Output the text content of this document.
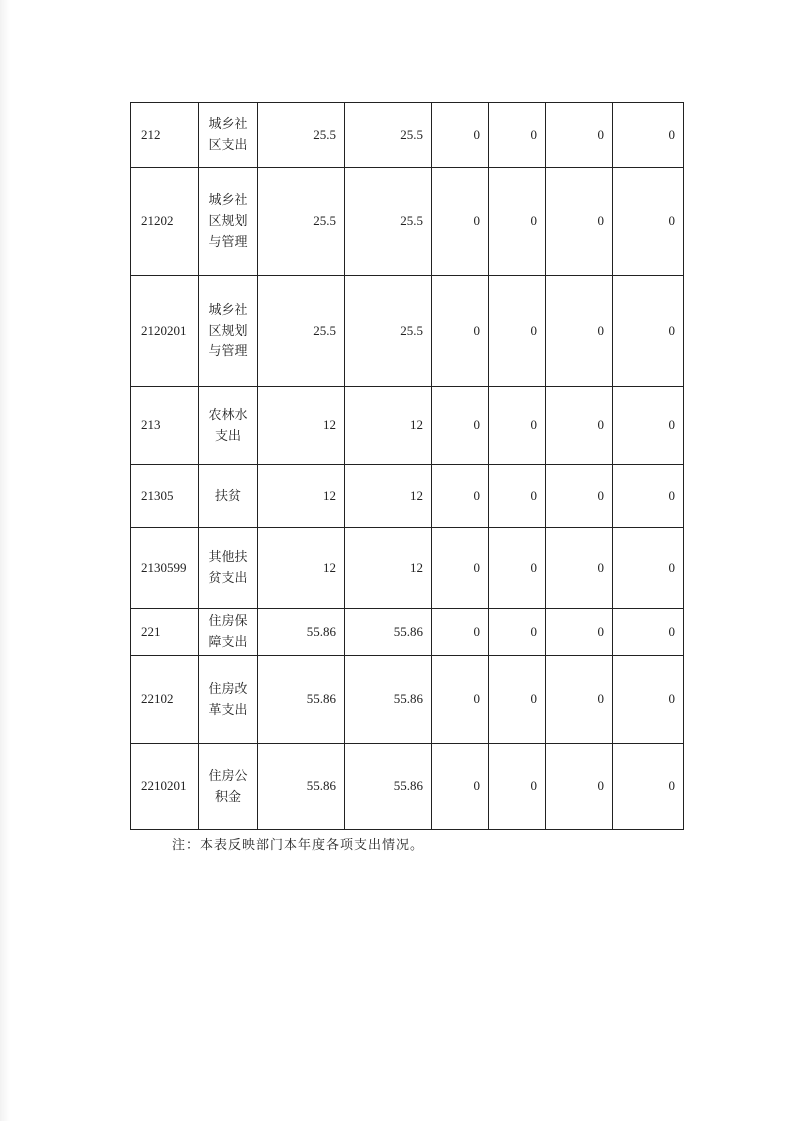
212	城乡社区支出	25.5	25.5	0	0	0	0
21202	城乡社区规划与管理	25.5	25.5	0	0	0	0
2120201	城乡社区规划与管理	25.5	25.5	0	0	0	0
213	农林水支出	12	12	0	0	0	0
21305	扶贫	12	12	0	0	0	0
2130599	其他扶贫支出	12	12	0	0	0	0
221	住房保障支出	55.86	55.86	0	0	0	0
22102	住房改革支出	55.86	55.86	0	0	0	0
2210201	住房公积金	55.86	55.86	0	0	0	0
注：本表反映部门本年度各项支出情况。
